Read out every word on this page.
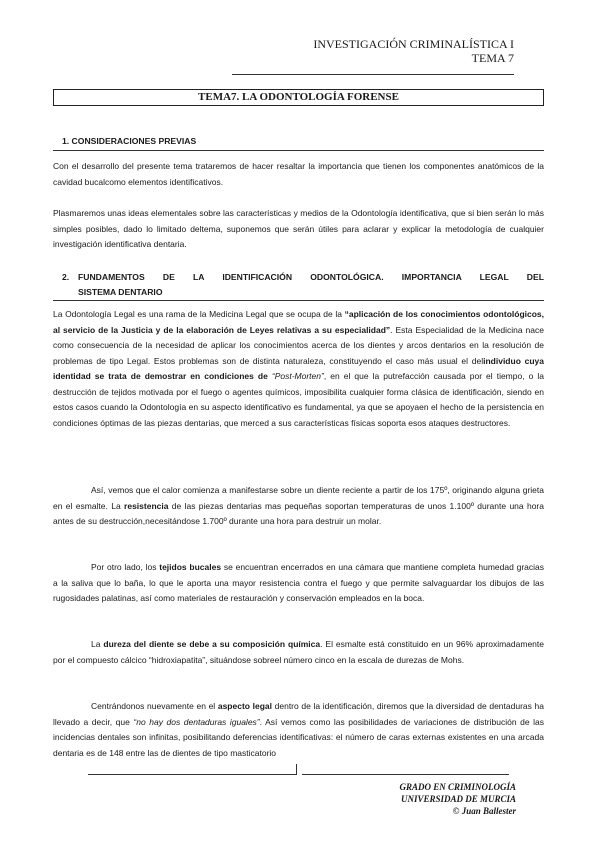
INVESTIGACIÓN CRIMINALÍSTICA I
TEMA 7
TEMA7. LA ODONTOLOGÍA FORENSE
1. CONSIDERACIONES PREVIAS
Con el desarrollo del presente tema trataremos de hacer resaltar la importancia que tienen los componentes anatómicos de la cavidad bucalcomo elementos identificativos.
Plasmaremos unas ideas elementales sobre las características y medios de la Odontología identificativa, que si bien serán lo más simples posibles, dado lo limitado deltema, suponemos que serán útiles para aclarar y explicar la metodología de cualquier investigación identificativa dentaria.
2. FUNDAMENTOS DE LA IDENTIFICACIÓN ODONTOLÓGICA. IMPORTANCIA LEGAL DEL
SISTEMA DENTARIO
La Odontología Legal es una rama de la Medicina Legal que se ocupa de la “aplicación de los conocimientos odontológicos, al servicio de la Justicia y de la elaboración de Leyes relativas a su especialidad”. Esta Especialidad de la Medicina nace como consecuencia de la necesidad de aplicar los conocimientos acerca de los dientes y arcos dentarios en la resolución de problemas de tipo Legal. Estos problemas son de distinta naturaleza, constituyendo el caso más usual el delindividuo cuya identidad se trata de demostrar en condiciones de “Post-Morten”, en el que la putrefacción causada por el tiempo, o la destrucción de tejidos motivada por el fuego o agentes químicos, imposibilita cualquier forma clásica de identificación, siendo en estos casos cuando la Odontología en su aspecto identificativo es fundamental, ya que se apoyaen el hecho de la persistencia en condiciones óptimas de las piezas dentarias, que merced a sus características físicas soporta esos ataques destructores.
Así, vemos que el calor comienza a manifestarse sobre un diente reciente a partir de los 175º, originando alguna grieta en el esmalte. La resistencia de las piezas dentarias mas pequeñas soportan temperaturas de unos 1.100º durante una hora antes de su destrucción,necesitándose 1.700º durante una hora para destruir un molar.
Por otro lado, los tejidos bucales se encuentran encerrados en una cámara que mantiene completa humedad gracias a la saliva que lo baña, lo que le aporta una mayor resistencia contra el fuego y que permite salvaguardar los dibujos de las rugosidades palatinas, así como materiales de restauración y conservación empleados en la boca.
La dureza del diente se debe a su composición química. El esmalte está constituido en un 96% aproximadamente por el compuesto cálcico “hidroxiapatita”, situándose sobreel número cinco en la escala de durezas de Mohs.
Centrándonos nuevamente en el aspecto legal dentro de la identificación, diremos que la diversidad de dentaduras ha llevado a decir, que “no hay dos dentaduras iguales”. Así vemos como las posibilidades de variaciones de distribución de las incidencias dentales son infinitas, posibilitando deferencias identificativas: el número de caras externas existentes en una arcada dentaria es de 148 entre las de dientes de tipo masticatorio
GRADO EN CRIMINOLOGÍA
UNIVERSIDAD DE MURCIA
© Juan Ballester
